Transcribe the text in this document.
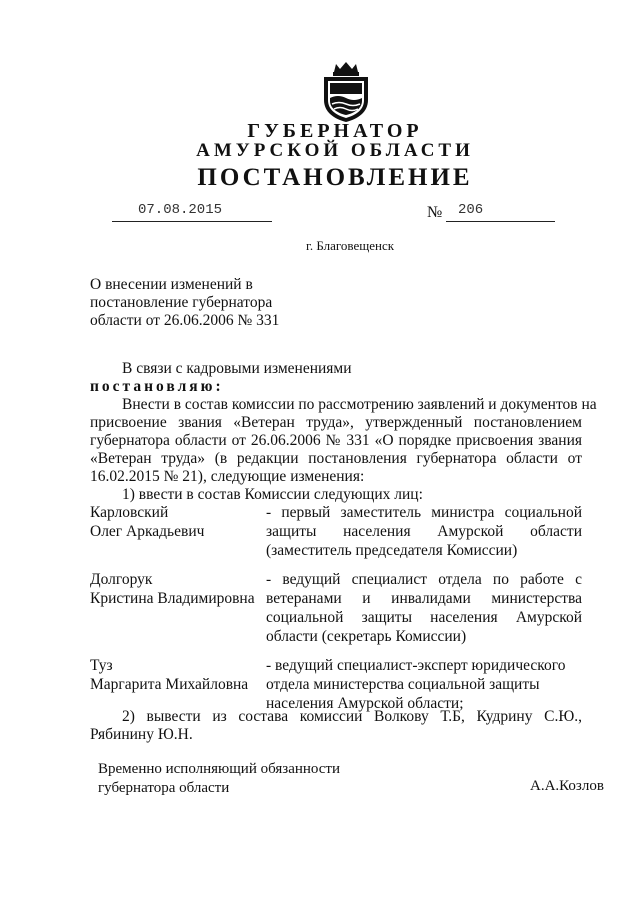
ГУБЕРНАТОР
АМУРСКОЙ ОБЛАСТИ
ПОСТАНОВЛЕНИЕ
07.08.2015	№ 206
г. Благовещенск
О внесении изменений в
постановление губернатора
области от 26.06.2006 № 331
В связи с кадровыми изменениями
постановляю:
Внести в состав комиссии по рассмотрению заявлений и документов на
присвоение звания «Ветеран труда», утвержденный постановлением
губернатора области от 26.06.2006 № 331 «О порядке присвоения звания
«Ветеран труда» (в редакции постановления губернатора области от
16.02.2015 № 21), следующие изменения:
1) ввести в состав Комиссии следующих лиц:
Карловский
Олег Аркадьевич
- первый заместитель министра социальной
защиты населения Амурской области
(заместитель председателя Комиссии)
Долгорук
Кристина Владимировна
- ведущий специалист отдела по работе с
ветеранами и инвалидами министерства
социальной защиты населения Амурской
области (секретарь Комиссии)
Туз
Маргарита Михайловна
- ведущий специалист-эксперт юридического
отдела министерства социальной защиты
населения Амурской области;
2) вывести из состава комиссии Волкову Т.Б, Кудрину С.Ю.,
Рябинину Ю.Н.
Временно исполняющий обязанности
губернатора области	А.А.Козлов
